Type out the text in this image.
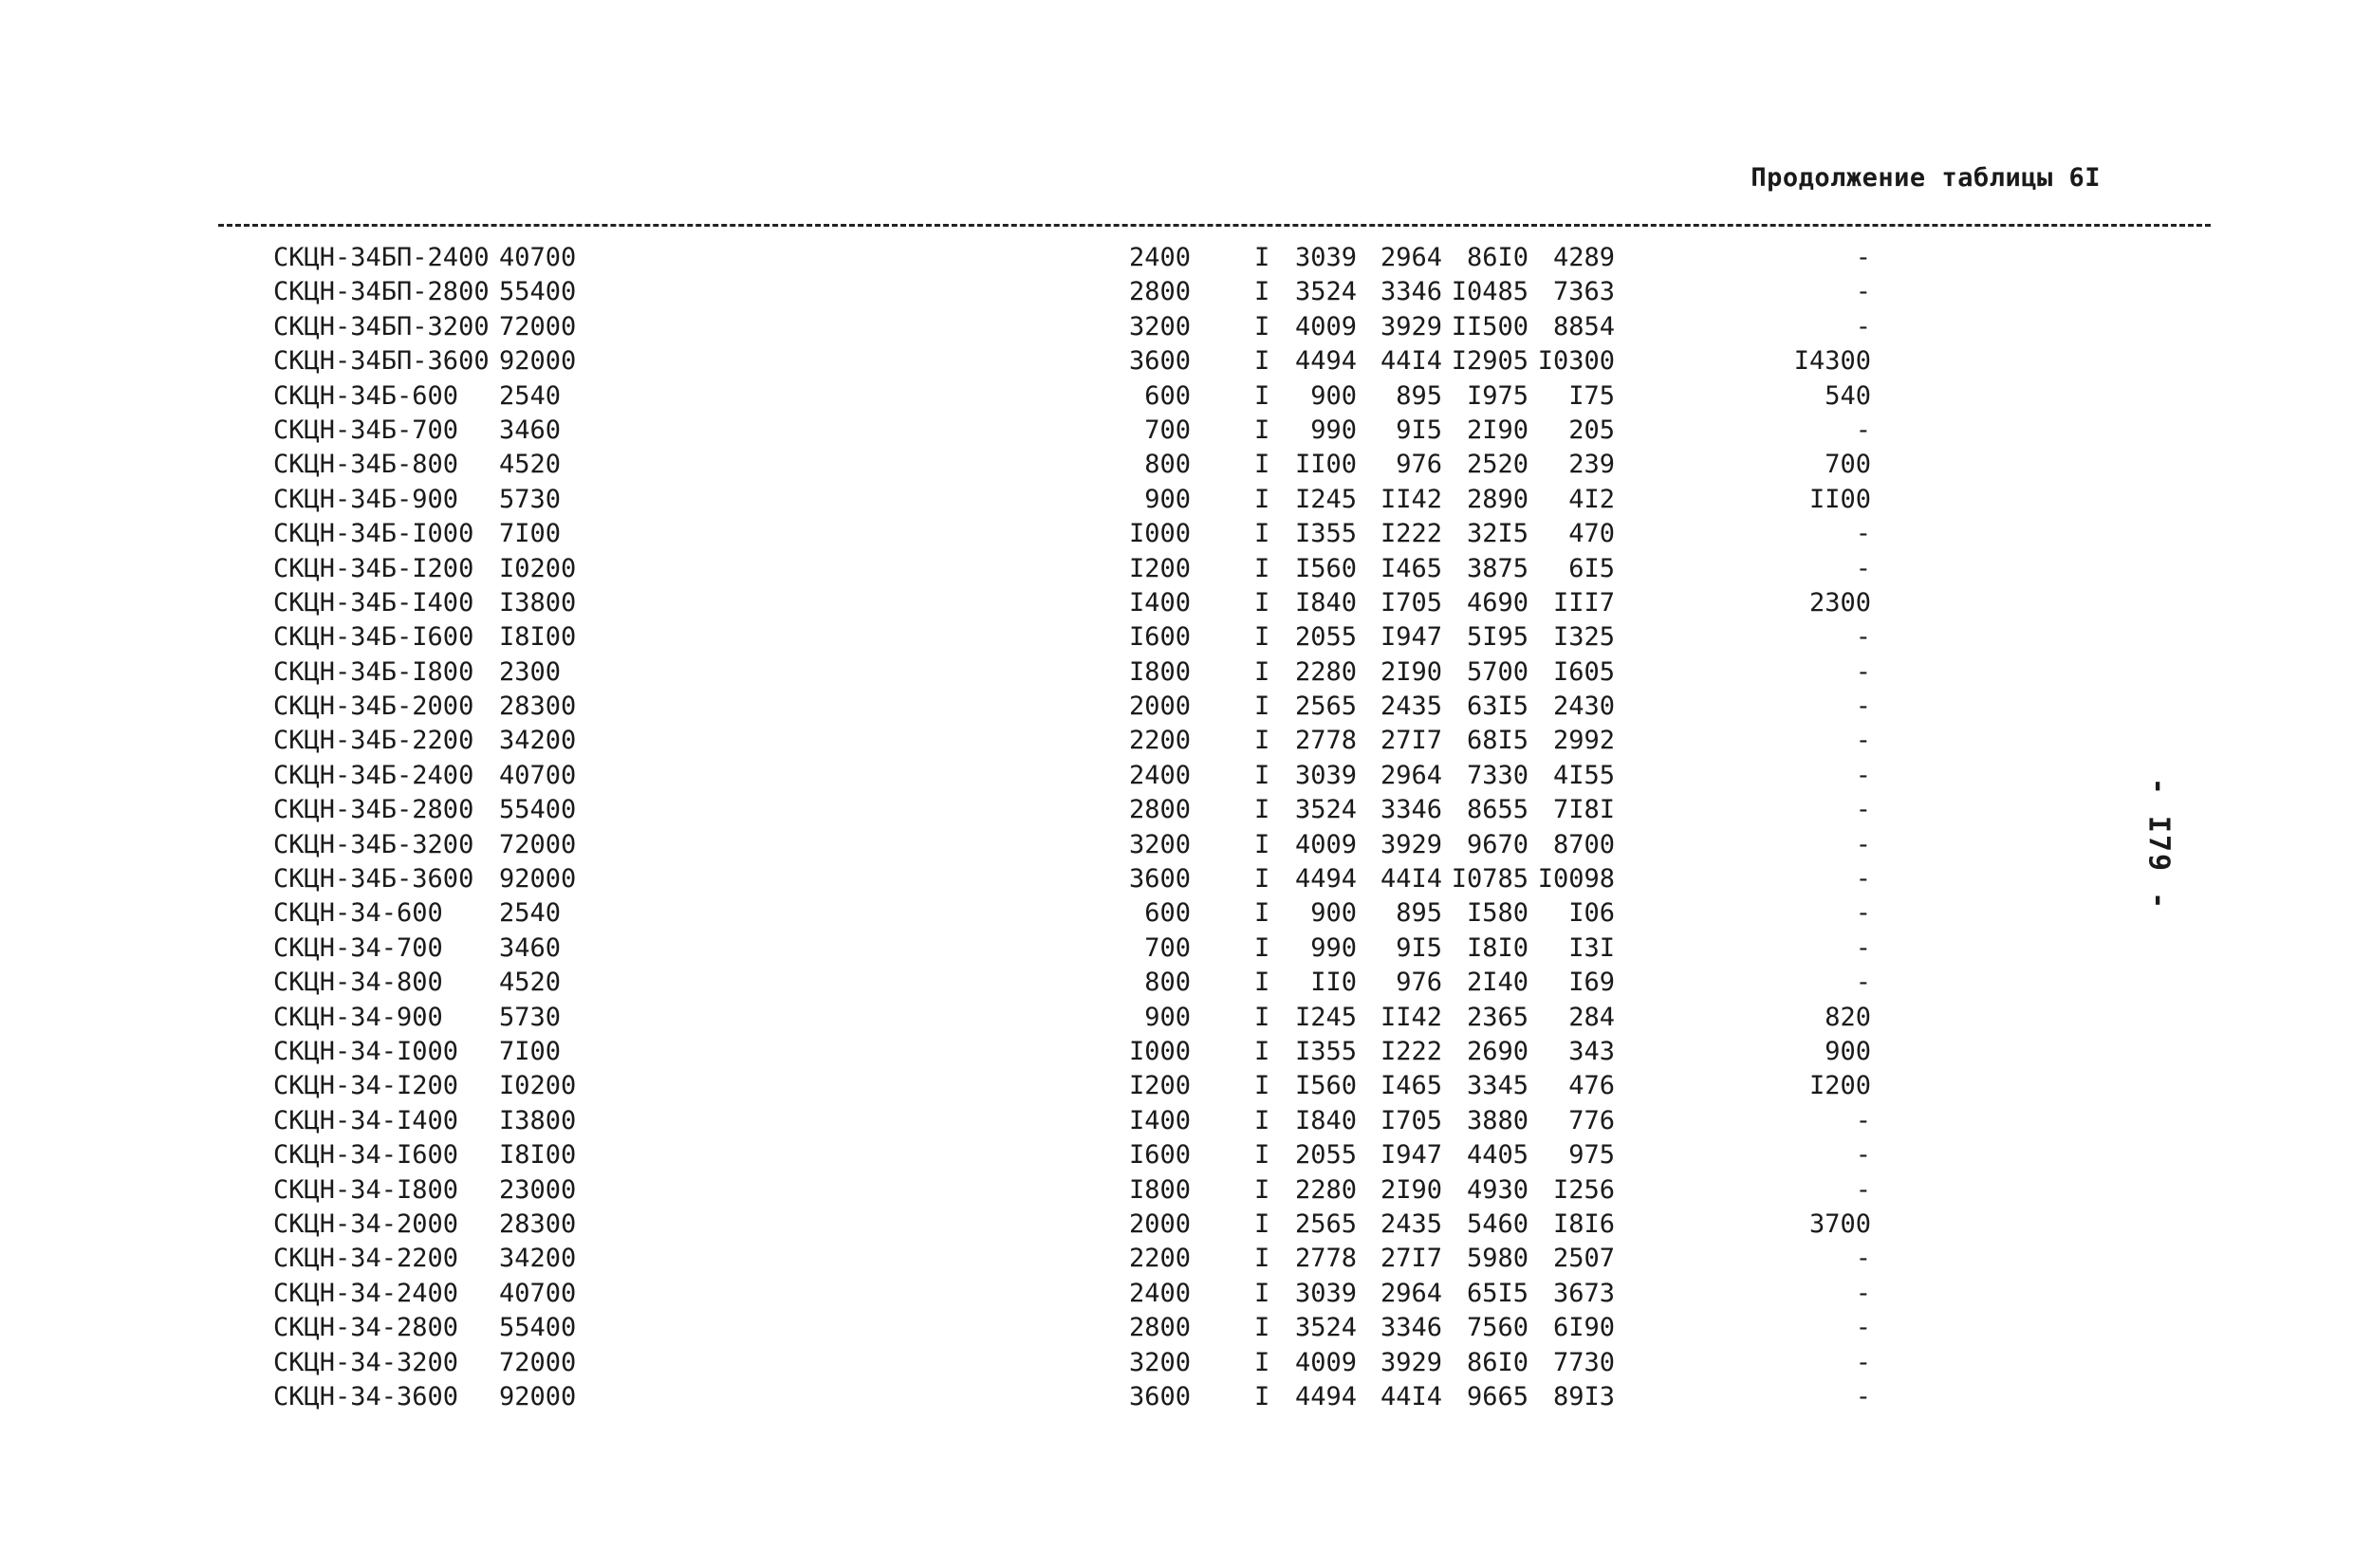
Продолжение таблицы 6I
СКЦН-34БП-2400 40700	2400 I 3039 2964 86I0 4289	-
СКЦН-34БП-2800 55400	2800 I 3524 3346 I0485 7363	-
СКЦН-34БП-3200 72000	3200 I 4009 3929 II500 8854	-
СКЦН-34БП-3600 92000	3600 I 4494 44I4 I2905 I0300	I4300
СКЦН-34Б-600 2540	600 I 900 895 I975 I75	540
СКЦН-34Б-700 3460	700 I 990 9I5 2I90 205	-
СКЦН-34Б-800 4520	800 I II00 976 2520 239	700
СКЦН-34Б-900 5730	900 I I245 II42 2890 4I2	II00
СКЦН-34Б-I000 7I00	I000 I I355 I222 32I5 470	-
СКЦН-34Б-I200 I0200	I200 I I560 I465 3875 6I5	-
СКЦН-34Б-I400 I3800	I400 I I840 I705 4690 III7	2300
СКЦН-34Б-I600 I8I00	I600 I 2055 I947 5I95 I325	-
СКЦН-34Б-I800 2300	I800 I 2280 2I90 5700 I605	-
СКЦН-34Б-2000 28300	2000 I 2565 2435 63I5 2430	-
СКЦН-34Б-2200 34200	2200 I 2778 27I7 68I5 2992	-
СКЦН-34Б-2400 40700	2400 I 3039 2964 7330 4I55	-
СКЦН-34Б-2800 55400	2800 I 3524 3346 8655 7I8I	-
СКЦН-34Б-3200 72000	3200 I 4009 3929 9670 8700	-
СКЦН-34Б-3600 92000	3600 I 4494 44I4 I0785 I0098	-
СКЦН-34-600 2540	600 I 900 895 I580 I06	-
СКЦН-34-700 3460	700 I 990 9I5 I8I0 I3I	-
СКЦН-34-800 4520	800 I II0 976 2I40 I69	-
СКЦН-34-900 5730	900 I I245 II42 2365 284	820
СКЦН-34-I000 7I00	I000 I I355 I222 2690 343	900
СКЦН-34-I200 I0200	I200 I I560 I465 3345 476	I200
СКЦН-34-I400 I3800	I400 I I840 I705 3880 776	-
СКЦН-34-I600 I8I00	I600 I 2055 I947 4405 975	-
СКЦН-34-I800 23000	I800 I 2280 2I90 4930 I256	-
СКЦН-34-2000 28300	2000 I 2565 2435 5460 I8I6	3700
СКЦН-34-2200 34200	2200 I 2778 27I7 5980 2507	-
СКЦН-34-2400 40700	2400 I 3039 2964 65I5 3673	-
СКЦН-34-2800 55400	2800 I 3524 3346 7560 6I90	-
СКЦН-34-3200 72000	3200 I 4009 3929 86I0 7730	-
СКЦН-34-3600 92000	3600 I 4494 44I4 9665 89I3	-
- I79 -
